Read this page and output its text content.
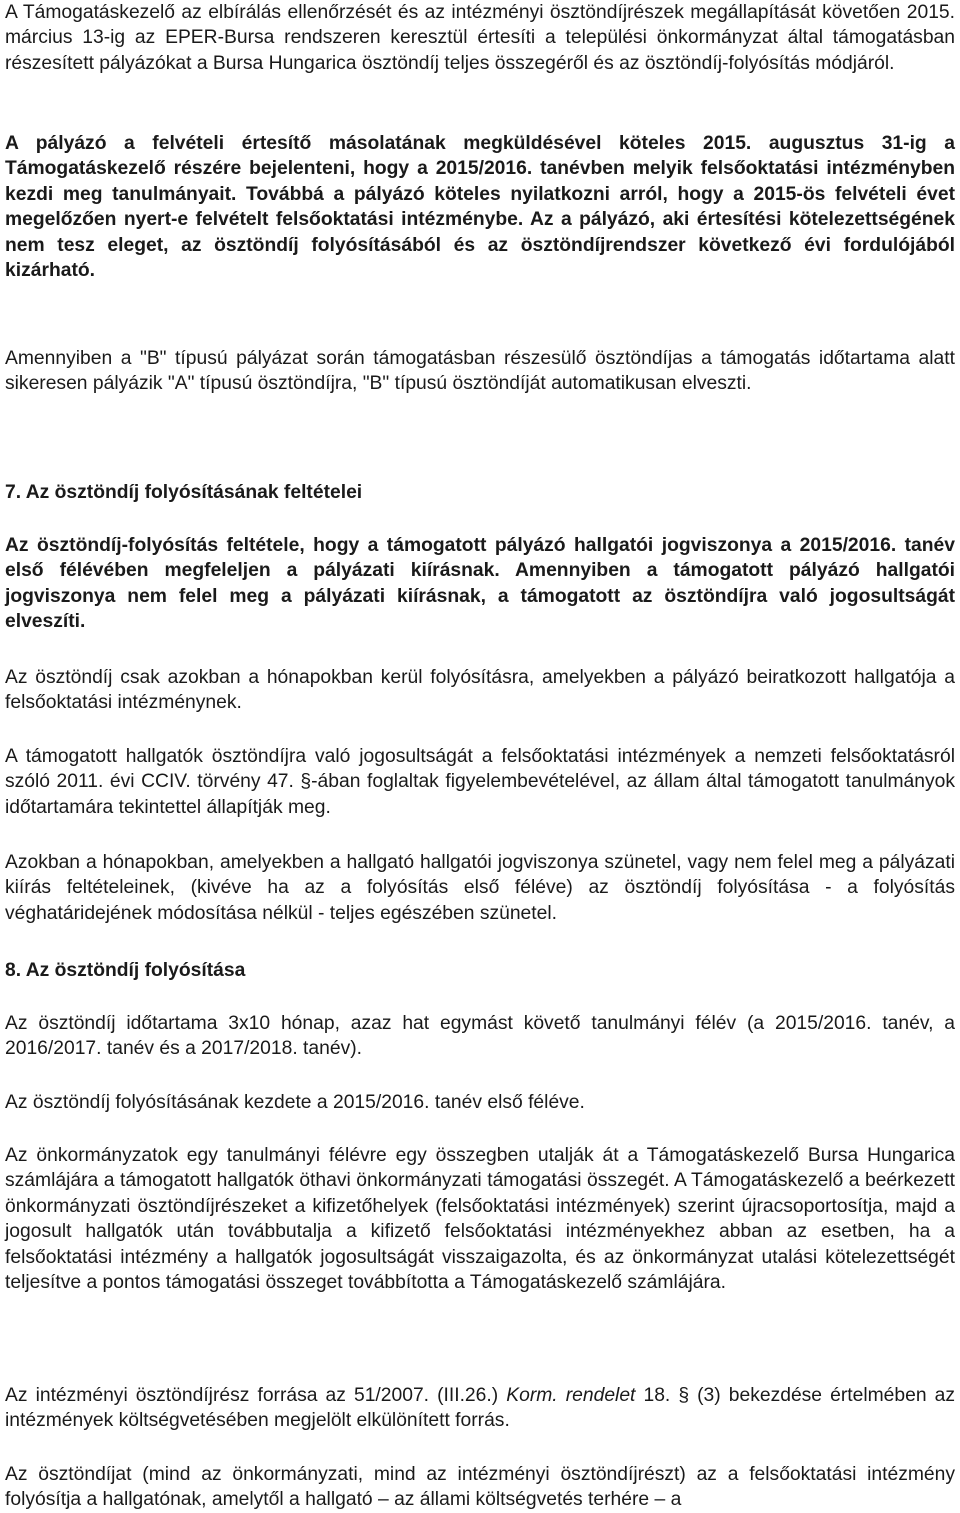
A Támogatáskezelő az elbírálás ellenőrzését és az intézményi ösztöndíjrészek megállapítását követően 2015. március 13-ig az EPER-Bursa rendszeren keresztül értesíti a települési önkormányzat által támogatásban részesített pályázókat a Bursa Hungarica ösztöndíj teljes összegéről és az ösztöndíj-folyósítás módjáról.

A pályázó a felvételi értesítő másolatának megküldésével köteles 2015. augusztus 31-ig a Támogatáskezelő részére bejelenteni, hogy a 2015/2016. tanévben melyik felsőoktatási intézményben kezdi meg tanulmányait. Továbbá a pályázó köteles nyilatkozni arról, hogy a 2015-ös felvételi évet megelőzően nyert-e felvételt felsőoktatási intézménybe. Az a pályázó, aki értesítési kötelezettségének nem tesz eleget, az ösztöndíj folyósításából és az ösztöndíjrendszer következő évi fordulójából kizárható.

Amennyiben a "B" típusú pályázat során támogatásban részesülő ösztöndíjas a támogatás időtartama alatt sikeresen pályázik "A" típusú ösztöndíjra, "B" típusú ösztöndíját automatikusan elveszti.

7. Az ösztöndíj folyósításának feltételei

Az ösztöndíj-folyósítás feltétele, hogy a támogatott pályázó hallgatói jogviszonya a 2015/2016. tanév első félévében megfeleljen a pályázati kiírásnak. Amennyiben a támogatott pályázó hallgatói jogviszonya nem felel meg a pályázati kiírásnak, a támogatott az ösztöndíjra való jogosultságát elveszíti.

Az ösztöndíj csak azokban a hónapokban kerül folyósításra, amelyekben a pályázó beiratkozott hallgatója a felsőoktatási intézménynek.

A támogatott hallgatók ösztöndíjra való jogosultságát a felsőoktatási intézmények a nemzeti felsőoktatásról szóló 2011. évi CCIV. törvény 47. §-ában foglaltak figyelembevételével, az állam által támogatott tanulmányok időtartamára tekintettel állapítják meg.

Azokban a hónapokban, amelyekben a hallgató hallgatói jogviszonya szünetel, vagy nem felel meg a pályázati kiírás feltételeinek, (kivéve ha az a folyósítás első féléve) az ösztöndíj folyósítása - a folyósítás véghatáridejének módosítása nélkül - teljes egészében szünetel.

8. Az ösztöndíj folyósítása

Az ösztöndíj időtartama 3x10 hónap, azaz hat egymást követő tanulmányi félév (a 2015/2016. tanév, a 2016/2017. tanév és a 2017/2018. tanév).

Az ösztöndíj folyósításának kezdete a 2015/2016. tanév első féléve.

Az önkormányzatok egy tanulmányi félévre egy összegben utalják át a Támogatáskezelő Bursa Hungarica számlájára a támogatott hallgatók öthavi önkormányzati támogatási összegét. A Támogatáskezelő a beérkezett önkormányzati ösztöndíjrészeket a kifizetőhelyek (felsőoktatási intézmények) szerint újracsoportosítja, majd a jogosult hallgatók után továbbutalja a kifizető felsőoktatási intézményekhez abban az esetben, ha a felsőoktatási intézmény a hallgatók jogosultságát visszaigazolta, és az önkormányzat utalási kötelezettségét teljesítve a pontos támogatási összeget továbbította a Támogatáskezelő számlájára.

Az intézményi ösztöndíjrész forrása az 51/2007. (III.26.) Korm. rendelet 18. § (3) bekezdése értelmében az intézmények költségvetésében megjelölt elkülönített forrás.

Az ösztöndíjat (mind az önkormányzati, mind az intézményi ösztöndíjrészt) az a felsőoktatási intézmény folyósítja a hallgatónak, amelytől a hallgató ‒ az állami költségvetés terhére ‒ a
